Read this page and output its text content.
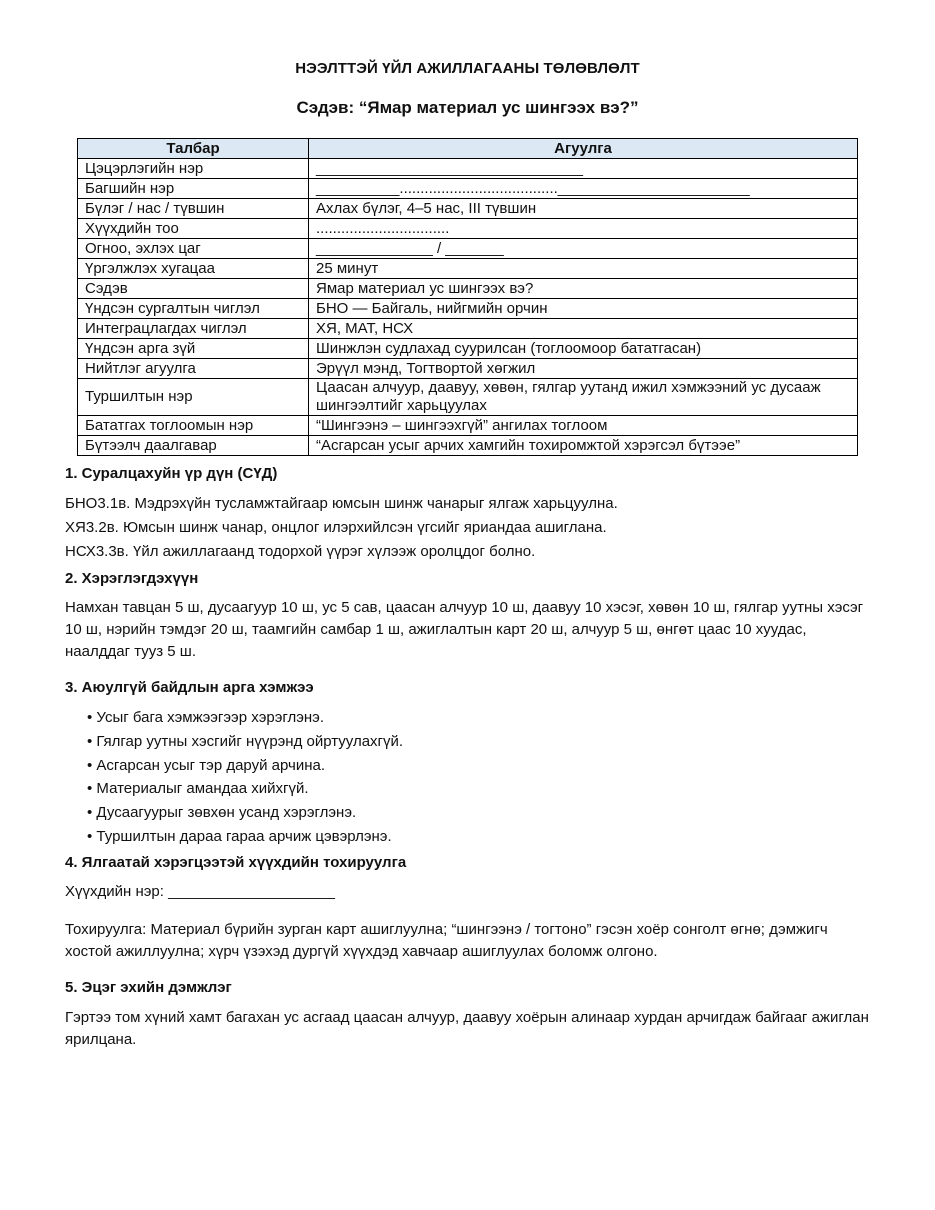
НЭЭЛТТЭЙ ҮЙЛ АЖИЛЛАГААНЫ ТӨЛӨВЛӨЛТ
Сэдэв: “Ямар материал ус шингээх вэ?”
Талбар	Агуулга
Цэцэрлэгийн нэр	________________________________
Багшийн нэр	__________......................................_______________________
Бүлэг / нас / түвшин	Ахлах бүлэг, 4–5 нас, III түвшин
Хүүхдийн тоо	................................
Огноо, эхлэх цаг	______________ / _______
Үргэлжлэх хугацаа	25 минут
Сэдэв	Ямар материал ус шингээх вэ?
Үндсэн сургалтын чиглэл	БНО — Байгаль, нийгмийн орчин
Интеграцлагдах чиглэл	ХЯ, МАТ, НСХ
Үндсэн арга зүй	Шинжлэн судлахад суурилсан (тоглоомоор бататгасан)
Нийтлэг агуулга	Эрүүл мэнд, Тогтвортой хөгжил
Туршилтын нэр	Цаасан алчуур, даавуу, хөвөн, гялгар уутанд ижил хэмжээний ус дусааж шингээлтийг харьцуулах
Бататгах тоглоомын нэр	“Шингээнэ – шингээхгүй” ангилах тоглоом
Бүтээлч даалгавар	“Асгарсан усыг арчих хамгийн тохиромжтой хэрэгсэл бүтээе”
1. Суралцахуйн үр дүн (СҮД)
БНО3.1в. Мэдрэхүйн тусламжтайгаар юмсын шинж чанарыг ялгаж харьцуулна.
ХЯ3.2в. Юмсын шинж чанар, онцлог илэрхийлсэн үгсийг яриандаа ашиглана.
НСХ3.3в. Үйл ажиллагаанд тодорхой үүрэг хүлээж оролцдог болно.
2. Хэрэглэгдэхүүн
Намхан тавцан 5 ш, дусаагуур 10 ш, ус 5 сав, цаасан алчуур 10 ш, даавуу 10 хэсэг, хөвөн 10 ш, гялгар уутны хэсэг 10 ш, нэрийн тэмдэг 20 ш, таамгийн самбар 1 ш, ажиглалтын карт 20 ш, алчуур 5 ш, өнгөт цаас 10 хуудас, наалддаг тууз 5 ш.
3. Аюулгүй байдлын арга хэмжээ
• Усыг бага хэмжээгээр хэрэглэнэ.
• Гялгар уутны хэсгийг нүүрэнд ойртуулахгүй.
• Асгарсан усыг тэр даруй арчина.
• Материалыг амандаа хийхгүй.
• Дусаагуурыг зөвхөн усанд хэрэглэнэ.
• Туршилтын дараа гараа арчиж цэвэрлэнэ.
4. Ялгаатай хэрэгцээтэй хүүхдийн тохируулга
Хүүхдийн нэр: ____________________
Тохируулга: Материал бүрийн зурган карт ашиглуулна; “шингээнэ / тогтоно” гэсэн хоёр сонголт өгнө; дэмжигч хостой ажиллуулна; хүрч үзэхэд дургүй хүүхдэд хавчаар ашиглуулах боломж олгоно.
5. Эцэг эхийн дэмжлэг
Гэртээ том хүний хамт багахан ус асгаад цаасан алчуур, даавуу хоёрын алинаар хурдан арчигдаж байгааг ажиглан ярилцана.
